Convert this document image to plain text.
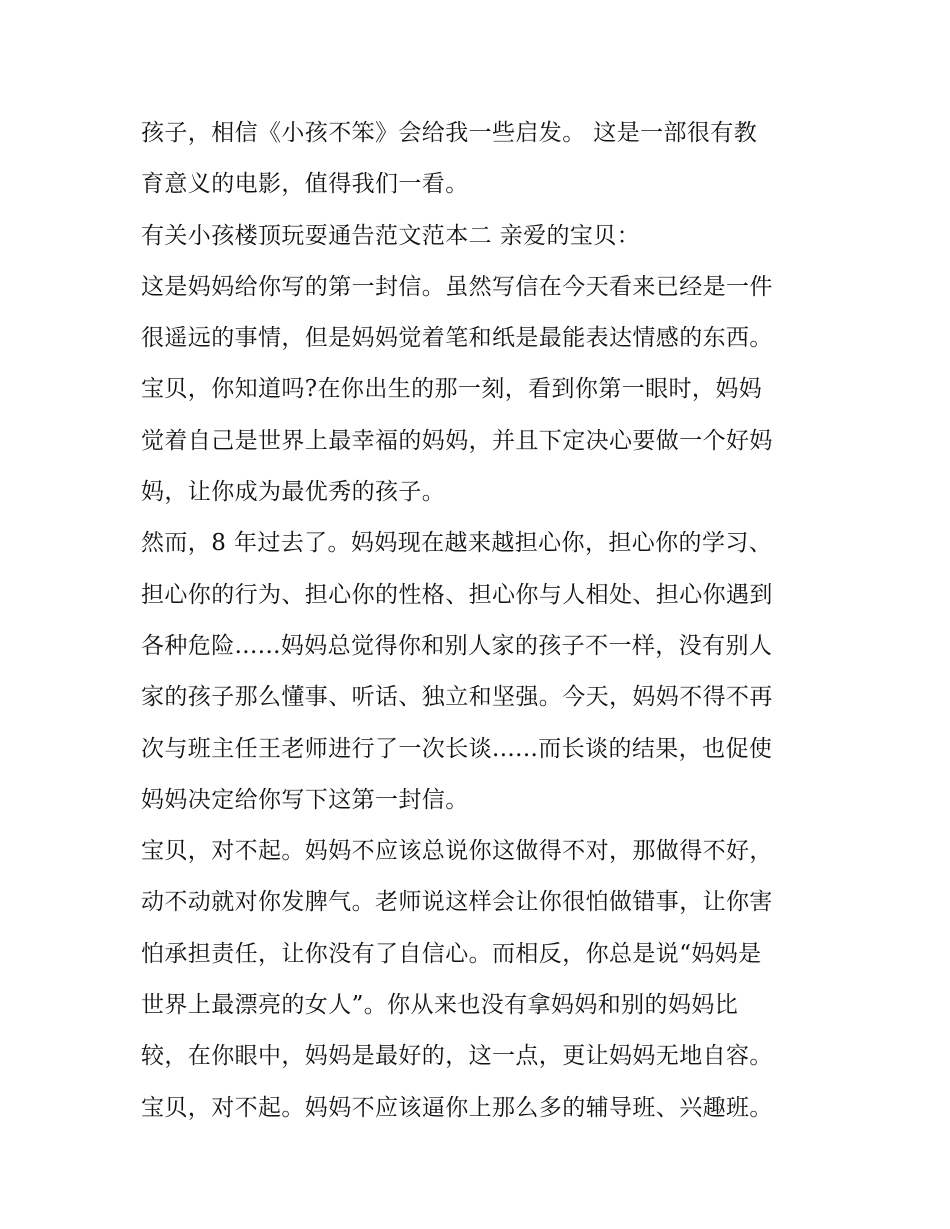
孩子，相信《小孩不笨》会给我一些启发。 这是一部很有教
育意义的电影，值得我们一看。
有关小孩楼顶玩耍通告范文范本二 亲爱的宝贝：
这是妈妈给你写的第一封信。虽然写信在今天看来已经是一件
很遥远的事情，但是妈妈觉着笔和纸是最能表达情感的东西。
宝贝，你知道吗?在你出生的那一刻，看到你第一眼时，妈妈
觉着自己是世界上最幸福的妈妈，并且下定决心要做一个好妈
妈，让你成为最优秀的孩子。
然而，8 年过去了。妈妈现在越来越担心你，担心你的学习、
担心你的行为、担心你的性格、担心你与人相处、担心你遇到
各种危险......妈妈总觉得你和别人家的孩子不一样，没有别人
家的孩子那么懂事、听话、独立和坚强。今天，妈妈不得不再
次与班主任王老师进行了一次长谈......而长谈的结果，也促使
妈妈决定给你写下这第一封信。
宝贝，对不起。妈妈不应该总说你这做得不对，那做得不好，
动不动就对你发脾气。老师说这样会让你很怕做错事，让你害
怕承担责任，让你没有了自信心。而相反，你总是说“妈妈是
世界上最漂亮的女人”。你从来也没有拿妈妈和别的妈妈比
较，在你眼中，妈妈是最好的，这一点，更让妈妈无地自容。
宝贝，对不起。妈妈不应该逼你上那么多的辅导班、兴趣班。
